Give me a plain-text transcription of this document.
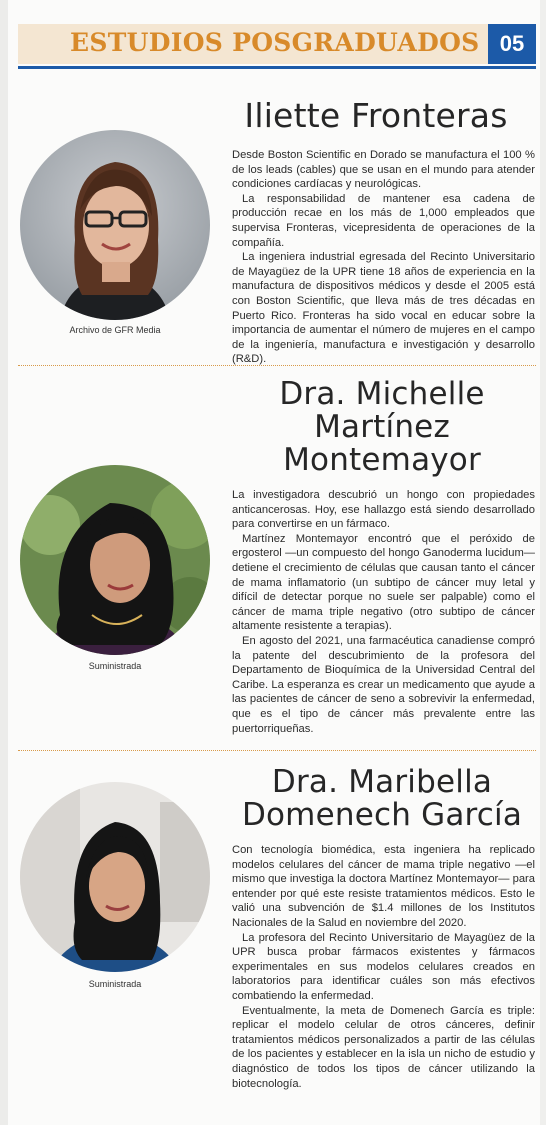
ESTUDIOS POSGRADUADOS 05
Iliette Fronteras
Archivo de GFR Media

Desde Boston Scientific en Dorado se manufactura el 100 % de los leads (cables) que se usan en el mundo para atender condiciones cardíacas y neurológicas.

La responsabilidad de mantener esa cadena de producción recae en los más de 1,000 empleados que supervisa Fronteras, vicepresidenta de operaciones de la compañía.

La ingeniera industrial egresada del Recinto Universitario de Mayagüez de la UPR tiene 18 años de experiencia en la manufactura de dispositivos médicos y desde el 2005 está con Boston Scientific, que lleva más de tres décadas en Puerto Rico. Fronteras ha sido vocal en educar sobre la importancia de aumentar el número de mujeres en el campo de la ingeniería, manufactura e investigación y desarrollo (R&D).

Dra. Michelle
Martínez
Montemayor
Suministrada

La investigadora descubrió un hongo con propiedades anticancerosas. Hoy, ese hallazgo está siendo desarrollado para convertirse en un fármaco.

Martínez Montemayor encontró que el peróxido de ergosterol —un compuesto del hongo Ganoderma lucidum— detiene el crecimiento de células que causan tanto el cáncer de mama inflamatorio (un subtipo de cáncer muy letal y difícil de detectar porque no suele ser palpable) como el cáncer de mama triple negativo (otro subtipo de cáncer altamente resistente a terapias).

En agosto del 2021, una farmacéutica canadiense compró la patente del descubrimiento de la profesora del Departamento de Bioquímica de la Universidad Central del Caribe. La esperanza es crear un medicamento que ayude a las pacientes de cáncer de seno a sobrevivir la enfermedad, que es el tipo de cáncer más prevalente entre las puertorriqueñas.

Dra. Maribella
Domenech García
Suministrada

Con tecnología biomédica, esta ingeniera ha replicado modelos celulares del cáncer de mama triple negativo —el mismo que investiga la doctora Martínez Montemayor— para entender por qué este resiste tratamientos médicos. Esto le valió una subvención de $1.4 millones de los Institutos Nacionales de la Salud en noviembre del 2020.

La profesora del Recinto Universitario de Mayagüez de la UPR busca probar fármacos existentes y fármacos experimentales en sus modelos celulares creados en laboratorios para identificar cuáles son más efectivos combatiendo la enfermedad.

Eventualmente, la meta de Domenech García es triple: replicar el modelo celular de otros cánceres, definir tratamientos médicos personalizados a partir de las células de los pacientes y establecer en la isla un nicho de estudio y diagnóstico de todos los tipos de cáncer utilizando la biotecnología.
